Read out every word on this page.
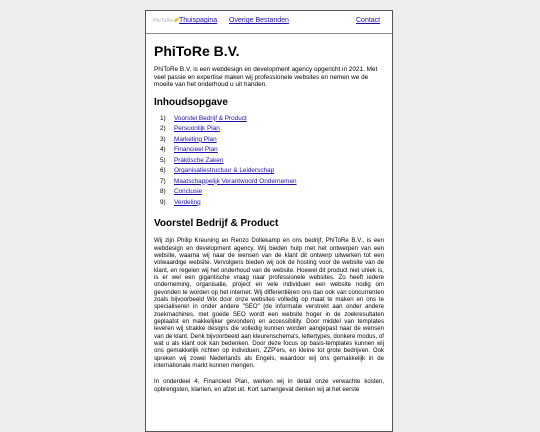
PhiToRe Thuispagina Overige Bestanden	Contact
PhiToRe B.V.

PhiToRe B.V. is een webdesign en development agency opgericht in 2021. Met veel passie en expertise maken wij professionele websites en nemen we de moeite van het onderhoud u uit handen.

Inhoudsopgave
1) Voorstel Bedrijf & Product
2) Persoonlijk Plan
3) Marketing Plan
4) Financieel Plan
5) Praktische Zaken
6) Organisatiestructuur & Leiderschap
7) Maatschappelijk Verantwoord Ondernemen
8) Conclusie
9) Verdeling
Voorstel Bedrijf & Product

Wij zijn Philip Kreuning en Renzo Dollekamp en ons bedrijf, PhiToRe B.V., is een webdesign en development agency. Wij bieden hulp met het ontwerpen van een website, waarna wij naar de wensen van de klant dit ontwerp uitwerken tot een volwaardige website. Vervolgens bieden wij ook de hosting voor de website van de klant, en regelen wij het onderhoud van de website. Hoewel dit product niet uniek is, is er wel een gigantische vraag naar professionele websites. Zo heeft iedere onderneming, organisatie, project en vele individuen een website nodig om gevonden te worden op het internet. Wij differentiëren ons dan ook van concurrenten zoals bijvoorbeeld Wix door onze websites volledig op maat te maken en ons te specialiseren in onder andere "SEO" (de informatie verstrekt aan onder andere zoekmachines, met goede SEO wordt een website hoger in de zoekresultaten geplaatst en makkelijker gevonden) en accessibility. Door middel van templates leveren wij strakke designs die volledig kunnen worden aangepast naar de wensen van de klant. Denk bijvoorbeeld aan kleurenschema's, lettertypes, donkere modus, of wat u als klant ook kan bedenken. Door deze focus op basis-templates kunnen wij ons gemakkelijk richten op individuen, ZZP'ers, en kleine tot grote bedrijven. Ook spreken wij zowel Nederlands als Engels, waardoor wij ons gemakkelijk in de internationale markt kunnen mengen.

In onderdeel 4, Financieel Plan, werken wij in detail onze verwachte kosten, opbrengsten, klanten, en afzet uit. Kort samengevat denken wij al het eerste
